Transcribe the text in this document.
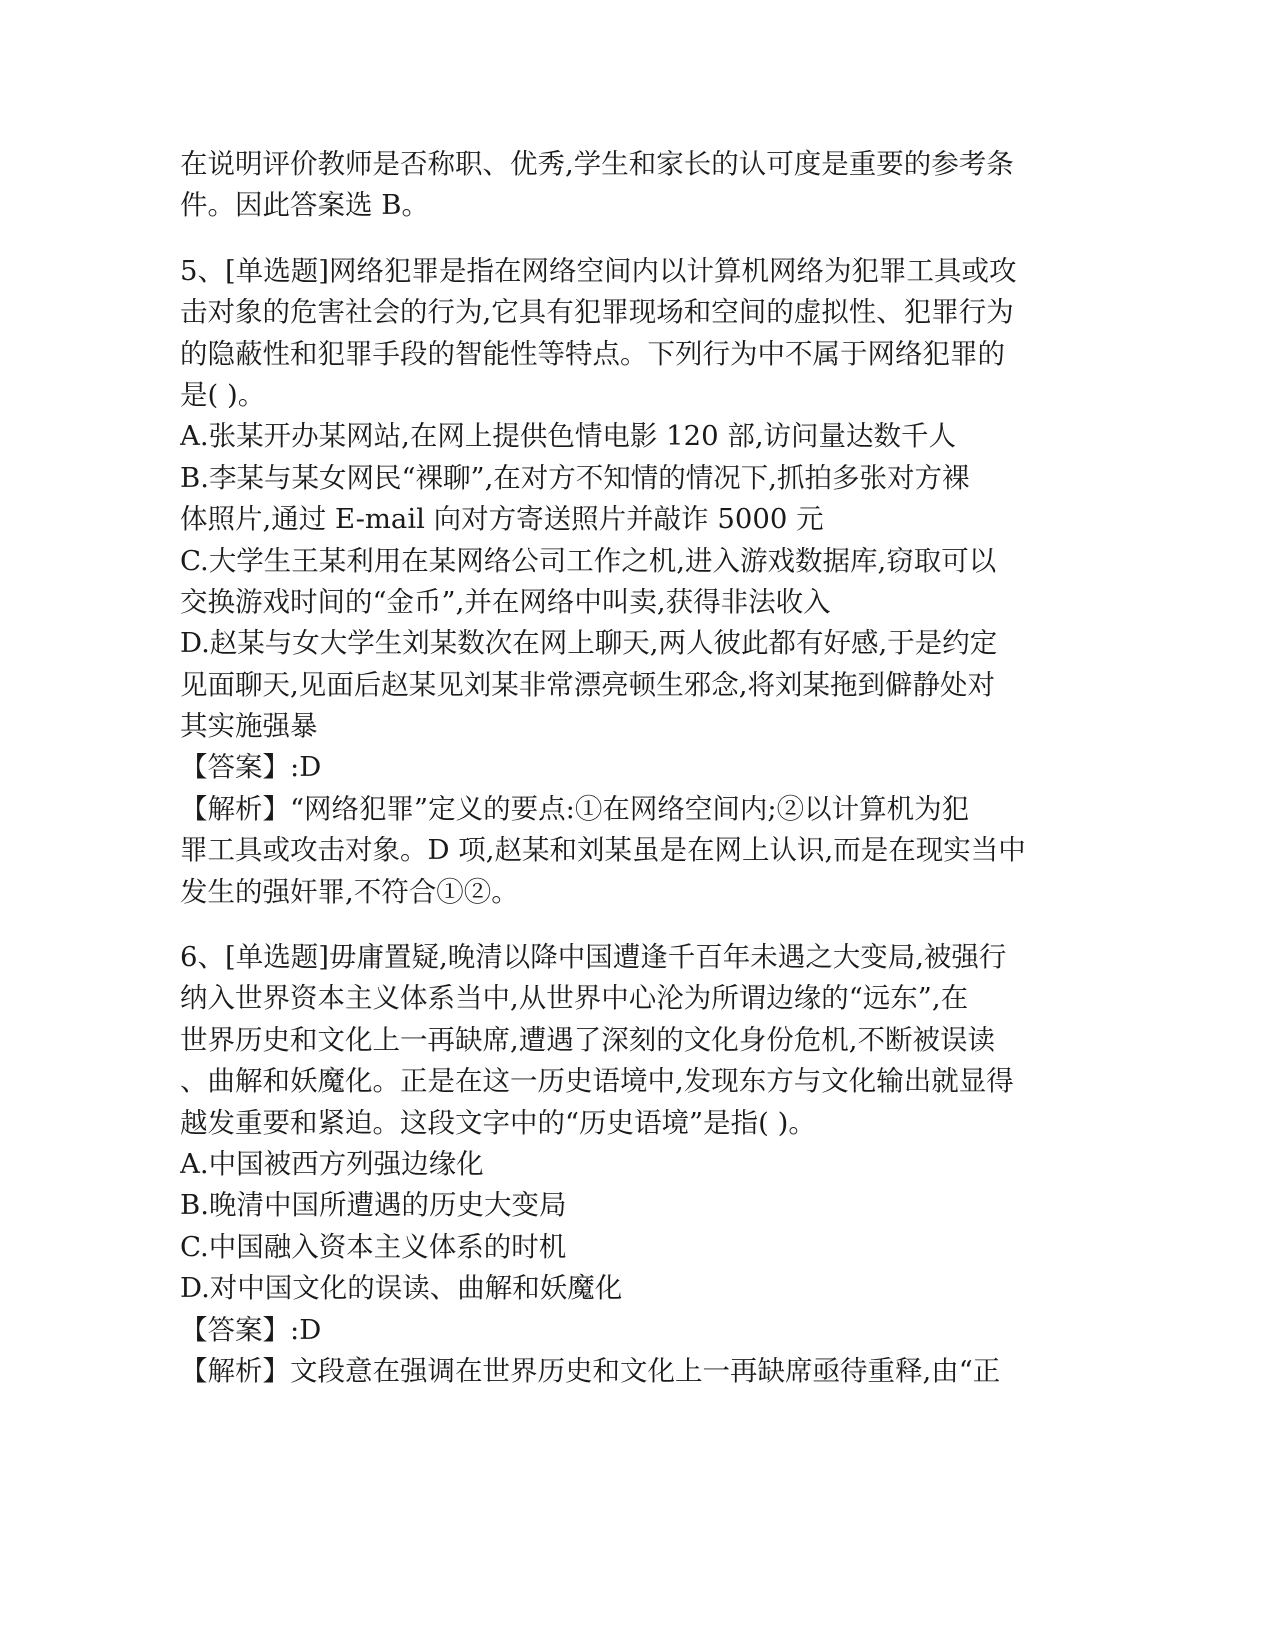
在说明评价教师是否称职、优秀,学生和家长的认可度是重要的参考条
件。因此答案选 B。
5、[单选题]网络犯罪是指在网络空间内以计算机网络为犯罪工具或攻
击对象的危害社会的行为,它具有犯罪现场和空间的虚拟性、犯罪行为
的隐蔽性和犯罪手段的智能性等特点。下列行为中不属于网络犯罪的
是( )。
A.张某开办某网站,在网上提供色情电影 120 部,访问量达数千人
B.李某与某女网民“裸聊”,在对方不知情的情况下,抓拍多张对方裸
体照片,通过 E-mail 向对方寄送照片并敲诈 5000 元
C.大学生王某利用在某网络公司工作之机,进入游戏数据库,窃取可以
交换游戏时间的“金币”,并在网络中叫卖,获得非法收入
D.赵某与女大学生刘某数次在网上聊天,两人彼此都有好感,于是约定
见面聊天,见面后赵某见刘某非常漂亮顿生邪念,将刘某拖到僻静处对
其实施强暴
【答案】:D
【解析】“网络犯罪”定义的要点:①在网络空间内;②以计算机为犯
罪工具或攻击对象。D 项,赵某和刘某虽是在网上认识,而是在现实当中
发生的强奸罪,不符合①②。
6、[单选题]毋庸置疑,晚清以降中国遭逢千百年未遇之大变局,被强行
纳入世界资本主义体系当中,从世界中心沦为所谓边缘的“远东”,在
世界历史和文化上一再缺席,遭遇了深刻的文化身份危机,不断被误读
、曲解和妖魔化。正是在这一历史语境中,发现东方与文化输出就显得
越发重要和紧迫。这段文字中的“历史语境”是指( )。
A.中国被西方列强边缘化
B.晚清中国所遭遇的历史大变局
C.中国融入资本主义体系的时机
D.对中国文化的误读、曲解和妖魔化
【答案】:D
【解析】文段意在强调在世界历史和文化上一再缺席亟待重释,由“正
